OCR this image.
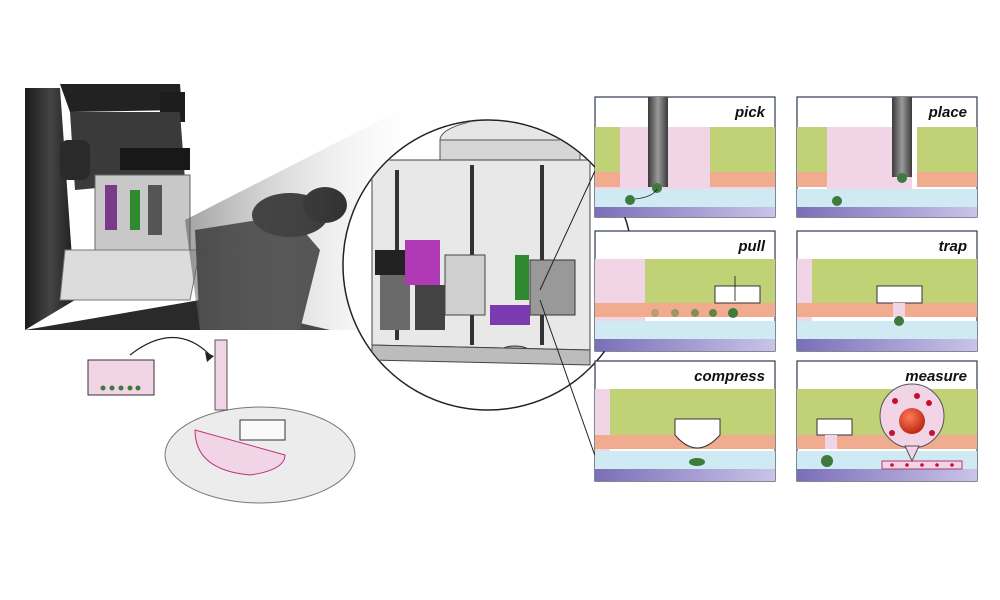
pick	place
pull	trap
compress	measure
